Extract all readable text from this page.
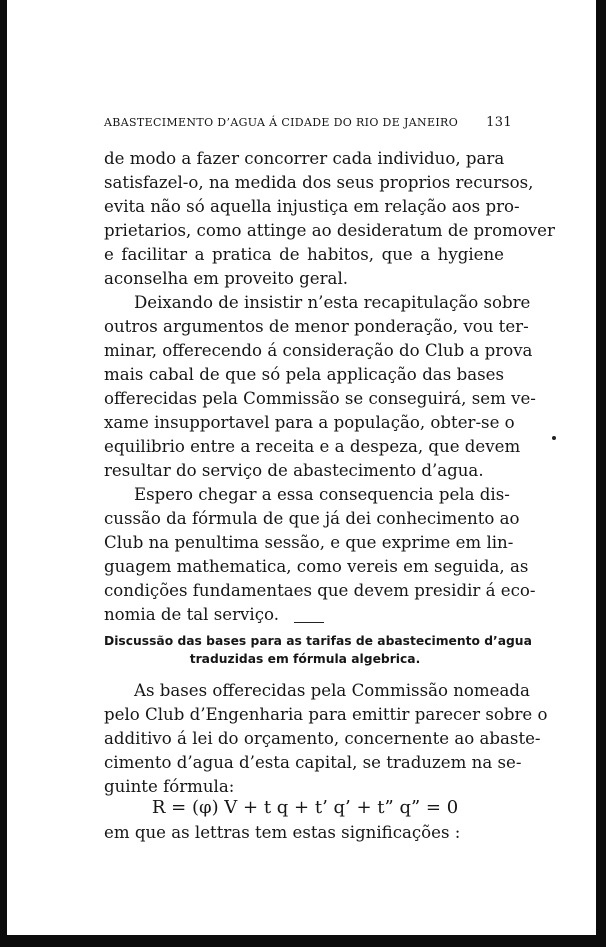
ABASTECIMENTO D’AGUA Á CIDADE DO RIO DE JANEIRO 131
de modo a fazer concorrer cada individuo, para
satisfazel-o, na medida dos seus proprios recursos,
evita não só aquella injustiça em relação aos pro-
prietarios, como attinge ao desideratum de promover
e facilitar a pratica de habitos, que a hygiene
aconselha em proveito geral.
Deixando de insistir n’esta recapitulação sobre
outros argumentos de menor ponderação, vou ter-
minar, offerecendo á consideração do Club a prova
mais cabal de que só pela applicação das bases
offerecidas pela Commissão se conseguirá, sem ve-
xame insupportavel para a população, obter-se o
equilibrio entre a receita e a despeza, que devem
resultar do serviço de abastecimento d’agua.
Espero chegar a essa consequencia pela dis-
cussão da fórmula de que já dei conhecimento ao
Club na penultima sessão, e que exprime em lin-
guagem mathematica, como vereis em seguida, as
condições fundamentaes que devem presidir á eco-
nomia de tal serviço.
Discussão das bases para as tarifas de abastecimento d’agua
traduzidas em fórmula algebrica.
As bases offerecidas pela Commissão nomeada
pelo Club d’Engenharia para emittir parecer sobre o
additivo á lei do orçamento, concernente ao abaste-
cimento d’agua d’esta capital, se traduzem na se-
guinte fórmula:
R = (φ) V + t q + t’ q’ + t” q” = 0
em que as lettras tem estas significações :
